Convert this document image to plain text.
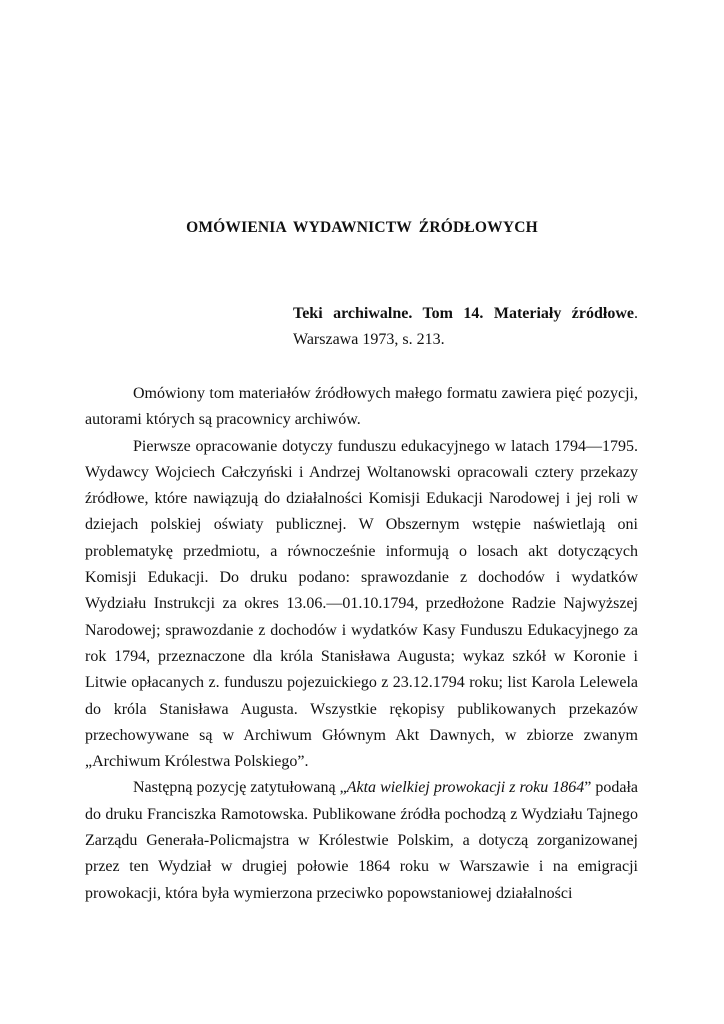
OMÓWIENIA WYDAWNICTW ŹRÓDŁOWYCH
Teki archiwalne. Tom 14. Materiały źródłowe.
Warszawa 1973, s. 213.

Omówiony tom materiałów źródłowych małego formatu zawiera pięć pozycji, autorami których są pracownicy archiwów.

Pierwsze opracowanie dotyczy funduszu edukacyjnego w latach 1794—1795. Wydawcy Wojciech Całczyński i Andrzej Woltanowski opracowali cztery przekazy źródłowe, które nawiązują do działalności Komisji Edukacji Narodowej i jej roli w dziejach polskiej oświaty publicznej. W Obszernym wstępie naświetlają oni problematykę przedmiotu, a równocześnie informują o losach akt dotyczących Komisji Edukacji. Do druku podano: sprawozdanie z dochodów i wydatków Wydziału Instrukcji za okres 13.06.—01.10.1794, przedłożone Radzie Najwyższej Narodowej; sprawozdanie z dochodów i wydatków Kasy Funduszu Edukacyjnego za rok 1794, przeznaczone dla króla Stanisława Augusta; wykaz szkół w Koronie i Litwie opłacanych z. funduszu pojezuickiego z 23.12.1794 roku; list Karola Lelewela do króla Stanisława Augusta. Wszystkie rękopisy publikowanych przekazów przechowywane są w Archiwum Głównym Akt Dawnych, w zbiorze zwanym „Archiwum Królestwa Polskiego”.

Następną pozycję zatytułowaną „Akta wielkiej prowokacji z roku 1864” podała do druku Franciszka Ramotowska. Publikowane źródła pochodzą z Wydziału Tajnego Zarządu Generała-Policmajstra w Królestwie Polskim, a dotyczą zorganizowanej przez ten Wydział w drugiej połowie 1864 roku w Warszawie i na emigracji prowokacji, która była wymierzona przeciwko popowstaniowej działalności
